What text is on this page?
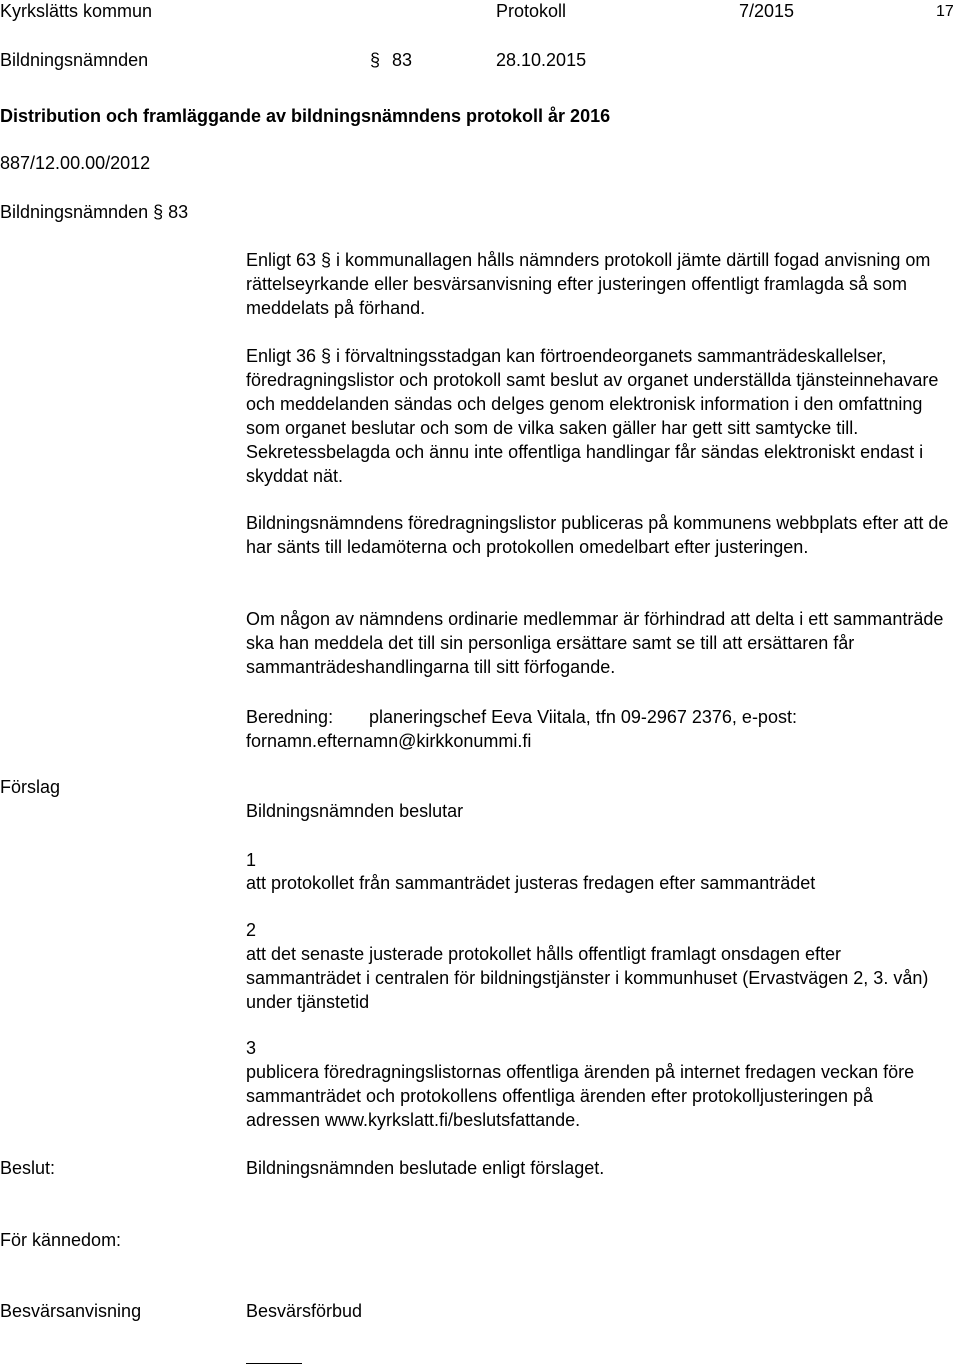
Kyrkslätts kommun	Protokoll	7/2015	17
Bildningsnämnden	§ 83	28.10.2015
Distribution och framläggande av bildningsnämndens protokoll år 2016
887/12.00.00/2012
Bildningsnämnden § 83

Enligt 63 § i kommunallagen hålls nämnders protokoll jämte därtill fogad anvisning om rättelseyrkande eller besvärsanvisning efter justeringen offentligt framlagda så som meddelats på förhand.

Enligt 36 § i förvaltningsstadgan kan förtroendeorganets sammanträdeskallelser, föredragningslistor och protokoll samt beslut av organet underställda tjänsteinnehavare och meddelanden sändas och delges genom elektronisk information i den omfattning som organet beslutar och som de vilka saken gäller har gett sitt samtycke till. Sekretessbelagda och ännu inte offentliga handlingar får sändas elektroniskt endast i skyddat nät.

Bildningsnämndens föredragningslistor publiceras på kommunens webbplats efter att de har sänts till ledamöterna och protokollen omedelbart efter justeringen.

Om någon av nämndens ordinarie medlemmar är förhindrad att delta i ett sammanträde ska han meddela det till sin personliga ersättare samt se till att ersättaren får sammanträdeshandlingarna till sitt förfogande.

Beredning: planeringschef Eeva Viitala, tfn 09-2967 2376, e-post:
fornamn.efternamn@kirkkonummi.fi
Förslag
Bildningsnämnden beslutar
1

att protokollet från sammanträdet justeras fredagen efter sammanträdet

2

att det senaste justerade protokollet hålls offentligt framlagt onsdagen efter sammanträdet i centralen för bildningstjänster i kommunhuset (Ervastvägen 2, 3. vån) under tjänstetid

3

publicera föredragningslistornas offentliga ärenden på internet fredagen veckan före sammanträdet och protokollens offentliga ärenden efter protokolljusteringen på adressen www.kyrkslatt.fi/beslutsfattande.

Beslut:	Bildningsnämnden beslutade enligt förslaget.
För kännedom:
Besvärsanvisning	Besvärsförbud
